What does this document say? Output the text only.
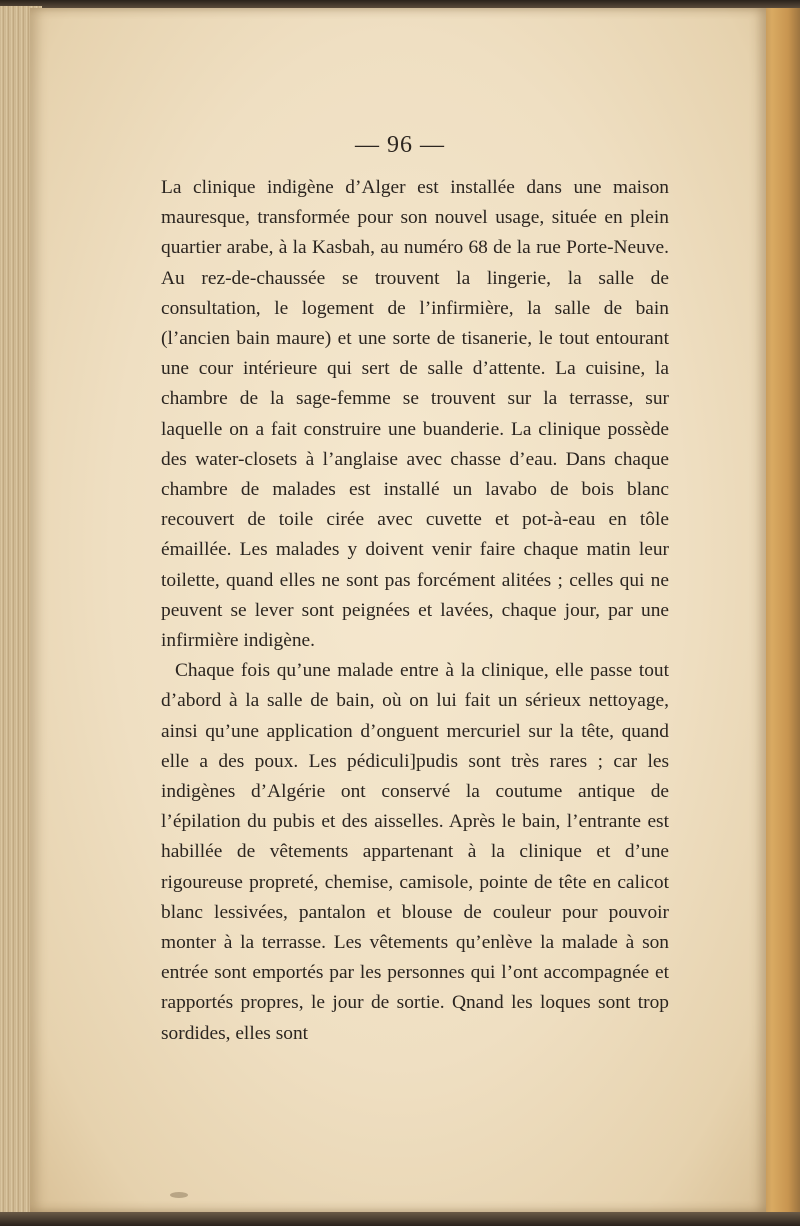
— 96 —

La clinique indigène d’Alger est installée dans une maison mauresque, transformée pour son nouvel usage, située en plein quartier arabe, à la Kasbah, au numéro 68 de la rue Porte-Neuve. Au rez-de-chaussée se trouvent la lingerie, la salle de consultation, le logement de l’infirmière, la salle de bain (l’ancien bain maure) et une sorte de tisanerie, le tout entourant une cour intérieure qui sert de salle d’attente. La cuisine, la chambre de la sage-femme se trouvent sur la terrasse, sur laquelle on a fait construire une buanderie. La clinique possède des water-closets à l’anglaise avec chasse d’eau. Dans chaque chambre de malades est installé un lavabo de bois blanc recouvert de toile cirée avec cuvette et pot-à-eau en tôle émaillée. Les malades y doivent venir faire chaque matin leur toilette, quand elles ne sont pas forcément alitées ; celles qui ne peuvent se lever sont peignées et lavées, chaque jour, par une infirmière indigène.

Chaque fois qu’une malade entre à la clinique, elle passe tout d’abord à la salle de bain, où on lui fait un sérieux nettoyage, ainsi qu’une application d’onguent mercuriel sur la tête, quand elle a des poux. Les pédiculi]pudis sont très rares ; car les indigènes d’Algérie ont conservé la coutume antique de l’épilation du pubis et des aisselles. Après le bain, l’entrante est habillée de vêtements appartenant à la clinique et d’une rigoureuse propreté, chemise, camisole, pointe de tête en calicot blanc lessivées, pantalon et blouse de couleur pour pouvoir monter à la terrasse. Les vêtements qu’enlève la malade à son entrée sont emportés par les personnes qui l’ont accompagnée et rapportés propres, le jour de sortie. Qnand les loques sont trop sordides, elles sont
